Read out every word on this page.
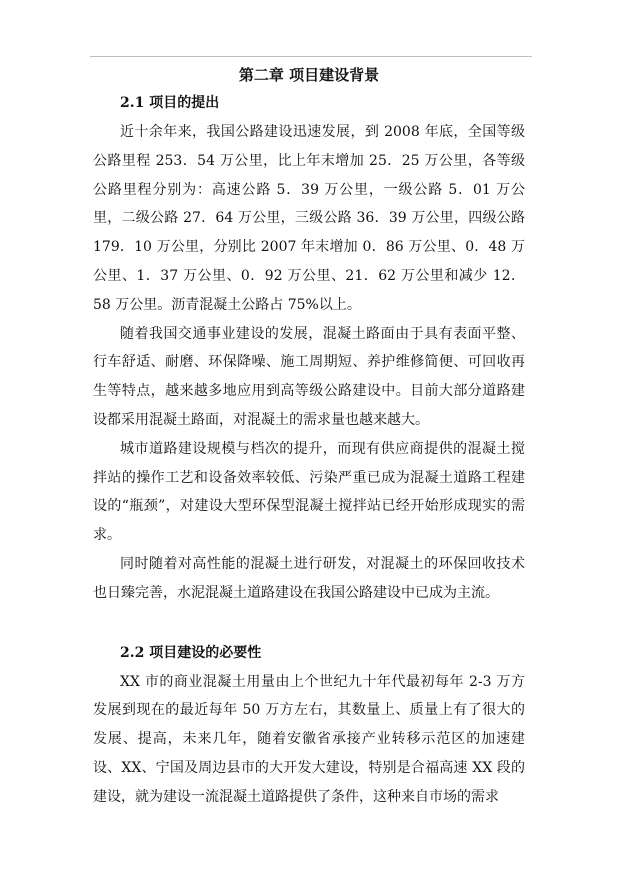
第二章 项目建设背景
2.1 项目的提出

近十余年来，我国公路建设迅速发展，到 2008 年底，全国等级公路里程 253．54 万公里，比上年末增加 25．25 万公里，各等级公路里程分别为：高速公路 5．39 万公里，一级公路 5．01 万公里，二级公路 27．64 万公里，三级公路 36．39 万公里，四级公路 179．10 万公里，分别比 2007 年末增加 0．86 万公里、0．48 万公里、1．37 万公里、0．92 万公里、21．62 万公里和减少 12．58 万公里。沥青混凝土公路占 75%以上。

随着我国交通事业建设的发展，混凝土路面由于具有表面平整、行车舒适、耐磨、环保降噪、施工周期短、养护维修简便、可回收再生等特点，越来越多地应用到高等级公路建设中。目前大部分道路建设都采用混凝土路面，对混凝土的需求量也越来越大。

城市道路建设规模与档次的提升，而现有供应商提供的混凝土搅拌站的操作工艺和设备效率较低、污染严重已成为混凝土道路工程建设的“瓶颈”，对建设大型环保型混凝土搅拌站已经开始形成现实的需求。

同时随着对高性能的混凝土进行研发，对混凝土的环保回收技术也日臻完善，水泥混凝土道路建设在我国公路建设中已成为主流。

2.2 项目建设的必要性

XX 市的商业混凝土用量由上个世纪九十年代最初每年 2-3 万方发展到现在的最近每年 50 万方左右，其数量上、质量上有了很大的发展、提高，未来几年，随着安徽省承接产业转移示范区的加速建设、XX、宁国及周边县市的大开发大建设，特别是合福高速 XX 段的建设，就为建设一流混凝土道路提供了条件，这种来自市场的需求
